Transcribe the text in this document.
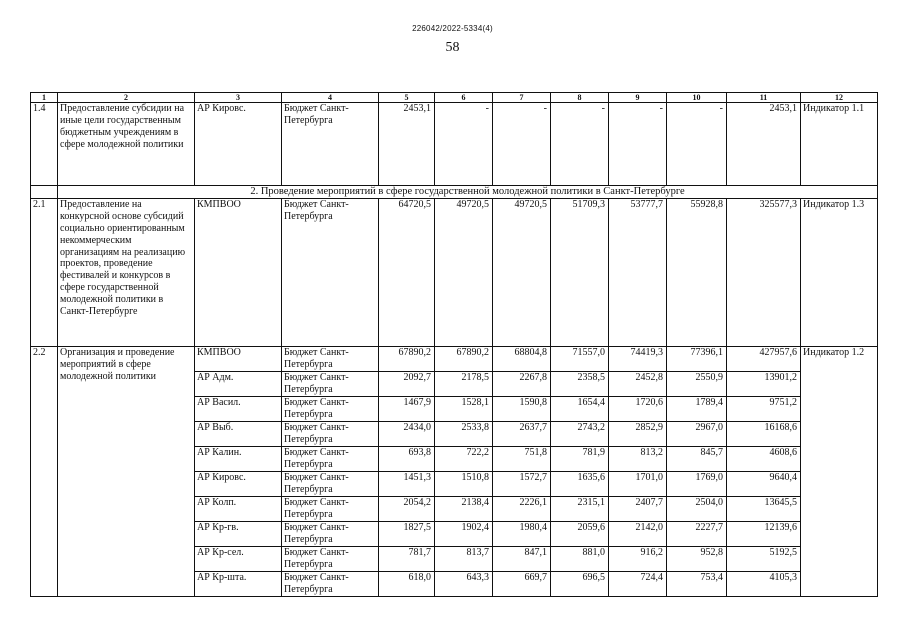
226042/2022-5334(4)
58
1	2	3	4	5	6	7	8	9	10	11	12
1.4	Предоставление субсидии на иные цели государственным бюджетным учреждениям в сфере молодежной политики	АР Кировс.	Бюджет Санкт-Петербурга	2453,1	-	-	-	-	-	2453,1	Индикатор 1.1
	2. Проведение мероприятий в сфере государственной молодежной политики в Санкт-Петербурге										
2.1	Предоставление на конкурсной основе субсидий социально ориентированным некоммерческим организациям на реализацию проектов, проведение фестивалей и конкурсов в сфере государственной молодежной политики в Санкт-Петербурге	КМПВОО	Бюджет Санкт-Петербурга	64720,5	49720,5	49720,5	51709,3	53777,7	55928,8	325577,3	Индикатор 1.3
2.2	Организация и проведение мероприятий в сфере молодежной политики	КМПВОО	Бюджет Санкт-Петербурга	67890,2	67890,2	68804,8	71557,0	74419,3	77396,1	427957,6	Индикатор 1.2
		АР Адм.	Бюджет Санкт-Петербурга	2092,7	2178,5	2267,8	2358,5	2452,8	2550,9	13901,2	
		АР Васил.	Бюджет Санкт-Петербурга	1467,9	1528,1	1590,8	1654,4	1720,6	1789,4	9751,2	
		АР Выб.	Бюджет Санкт-Петербурга	2434,0	2533,8	2637,7	2743,2	2852,9	2967,0	16168,6	
		АР Калин.	Бюджет Санкт-Петербурга	693,8	722,2	751,8	781,9	813,2	845,7	4608,6	
		АР Кировс.	Бюджет Санкт-Петербурга	1451,3	1510,8	1572,7	1635,6	1701,0	1769,0	9640,4	
		АР Колп.	Бюджет Санкт-Петербурга	2054,2	2138,4	2226,1	2315,1	2407,7	2504,0	13645,5	
		АР Кр-гв.	Бюджет Санкт-Петербурга	1827,5	1902,4	1980,4	2059,6	2142,0	2227,7	12139,6	
		АР Кр-сел.	Бюджет Санкт-Петербурга	781,7	813,7	847,1	881,0	916,2	952,8	5192,5	
		АР Кр-шта.	Бюджет Санкт-Петербурга	618,0	643,3	669,7	696,5	724,4	753,4	4105,3	
